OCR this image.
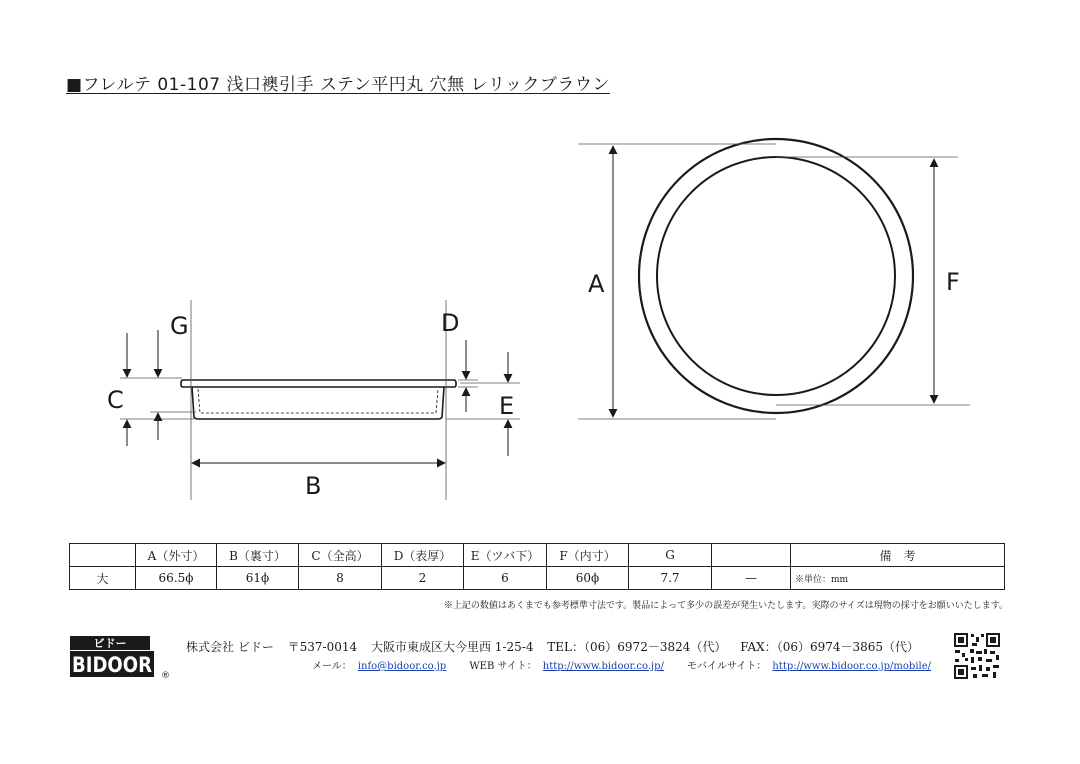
■フレルテ 01-107 浅口襖引手 ステン平円丸 穴無 レリックブラウン
C
G	D
E
B
A	F
	A（外寸）	B（裏寸）	C（全高）	D（表厚）	E（ツバ下）	F（内寸）	G		備　考
大	66.5ϕ	61ϕ	8	2	6	60ϕ	7.7	—	※単位：mm
※上記の数値はあくまでも参考標準寸法です。製品によって多少の誤差が発生いたします。実際のサイズは現物の採寸をお願いいたします。
ビドー
BIDOOR ®
株式会社 ビドー 〒537-0014 大阪市東成区大今里西 1-25-4 TEL：（06）6972－3824（代） FAX：（06）6974－3865（代）
メール： info@bidoor.co.jp WEB サイト： http://www.bidoor.co.jp/ モバイルサイト： http://www.bidoor.co.jp/mobile/
